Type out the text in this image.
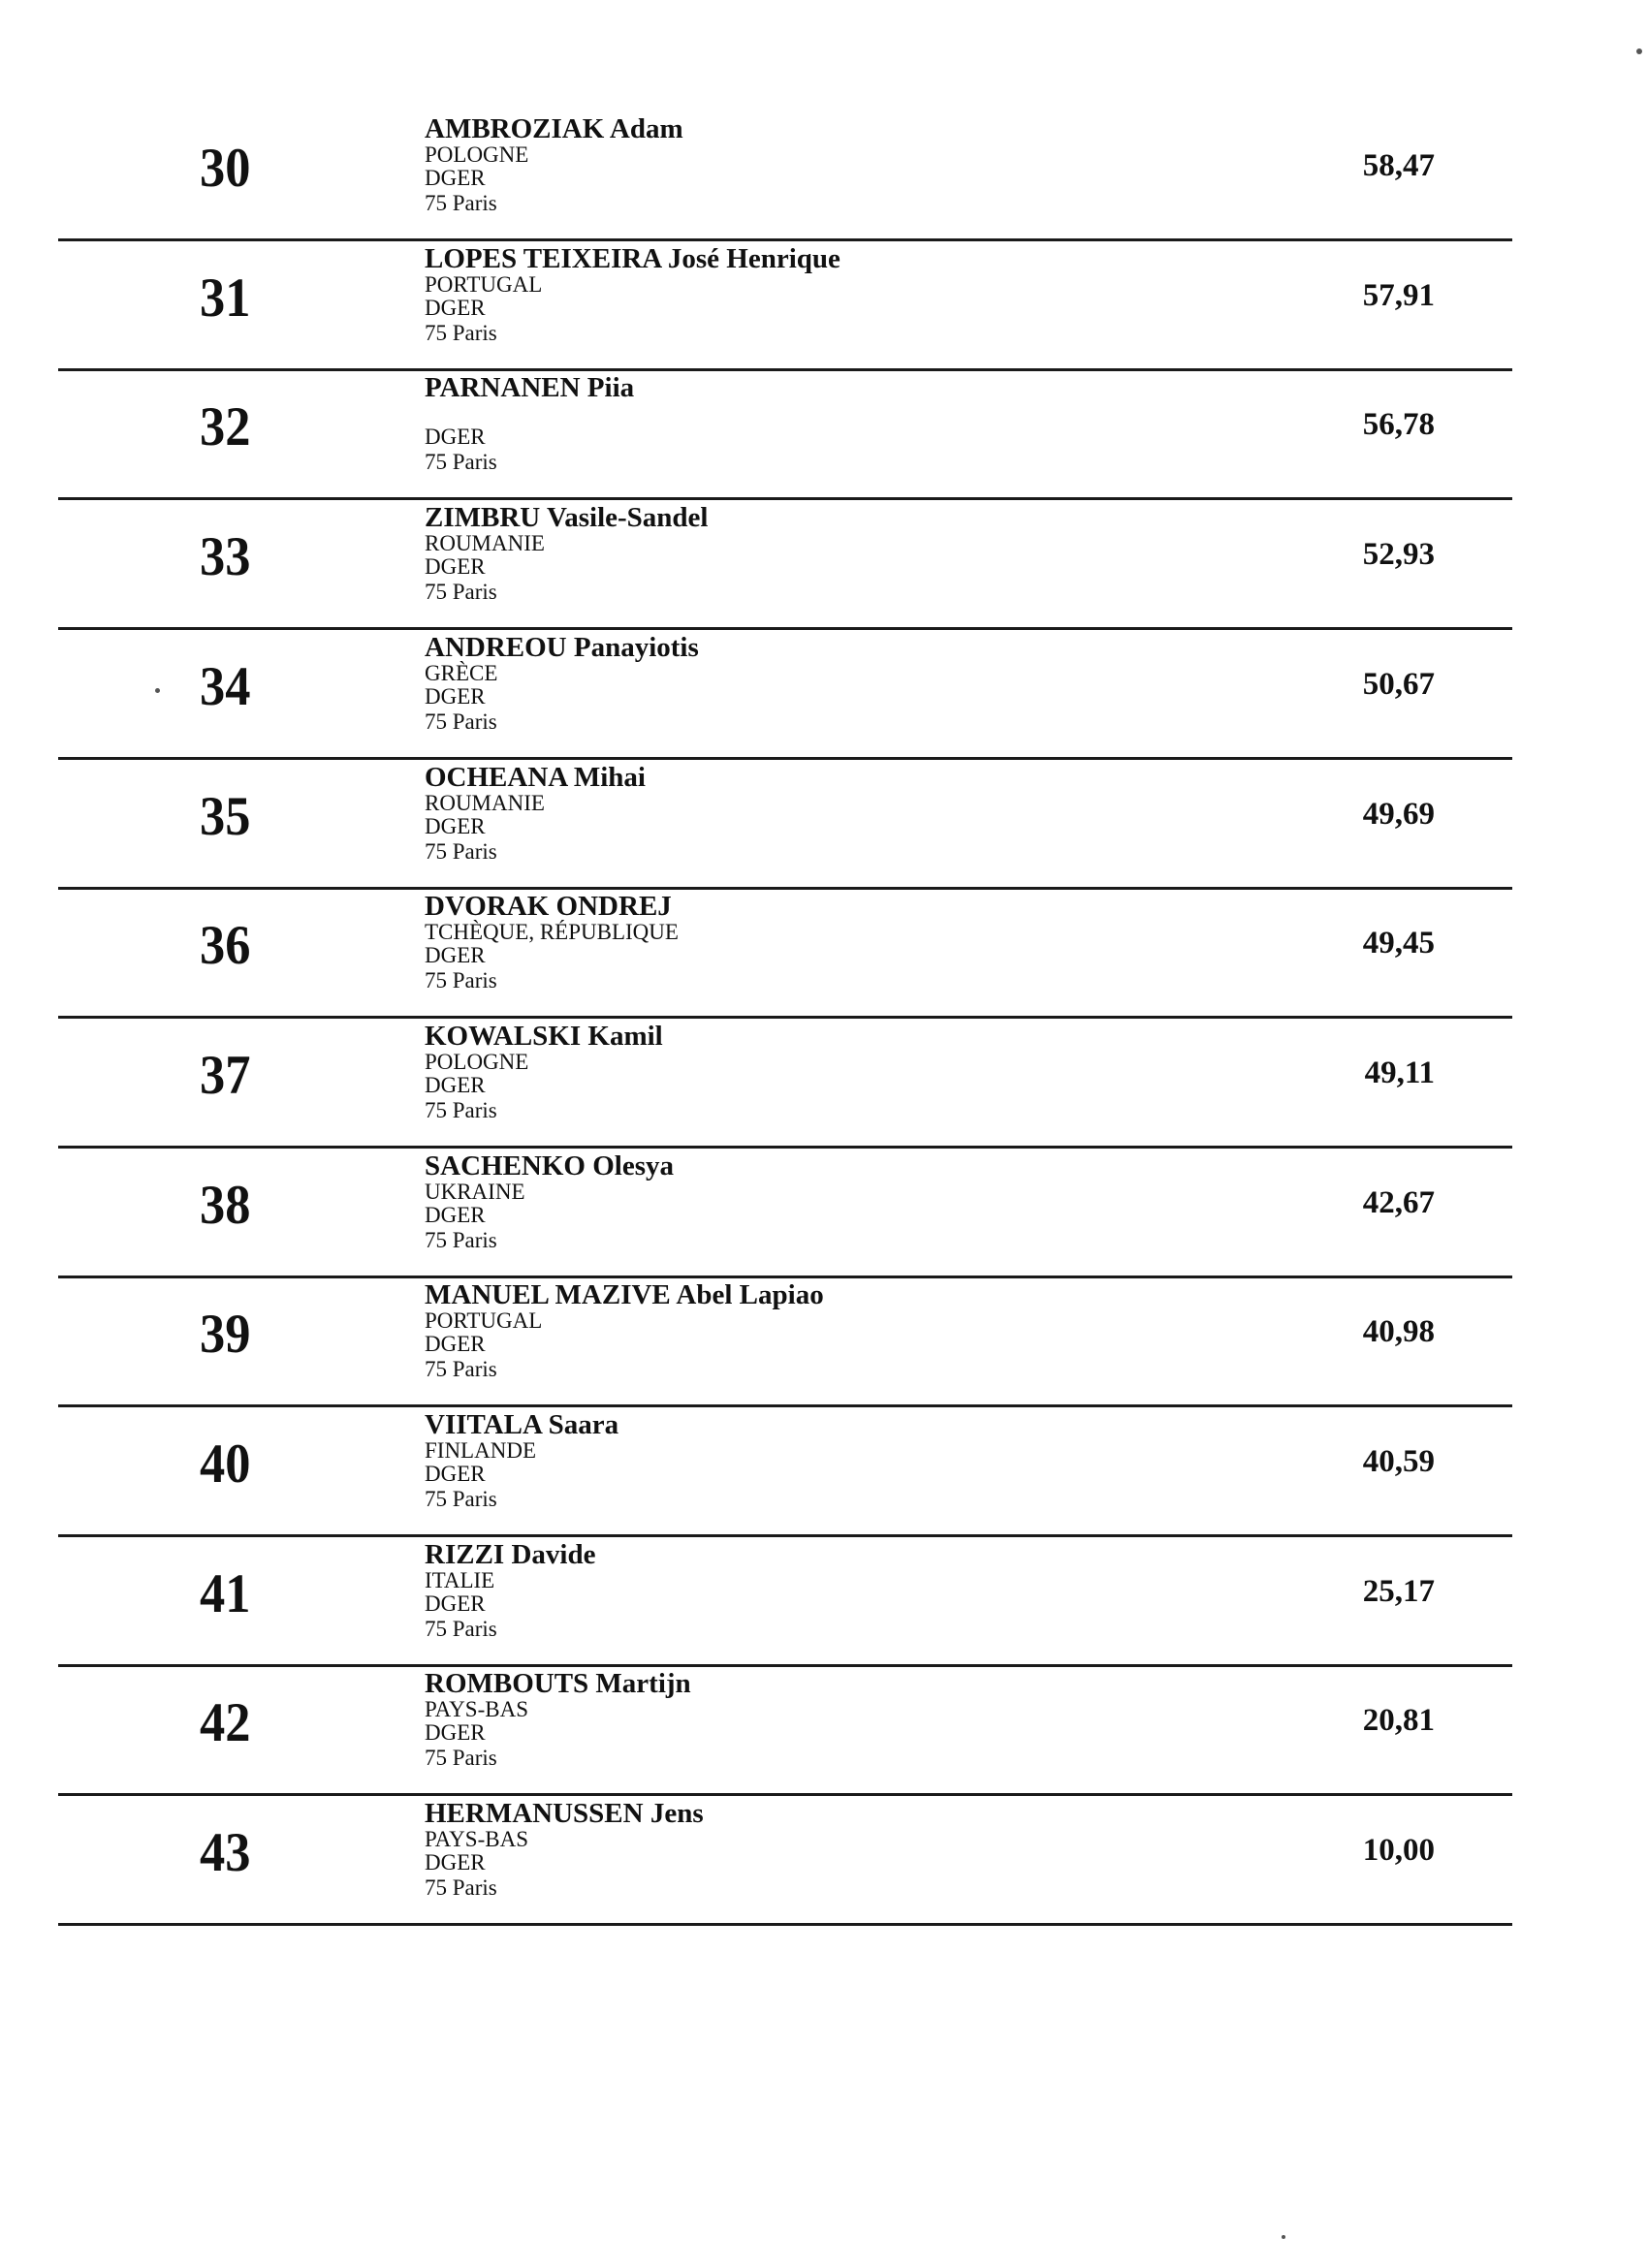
30
AMBROZIAK Adam
POLOGNE
DGER
75 Paris
58,47
31
LOPES TEIXEIRA José Henrique
PORTUGAL
DGER
75 Paris
57,91
32
PARNANEN Piia
DGER
75 Paris
56,78
33
ZIMBRU Vasile-Sandel
ROUMANIE
DGER
75 Paris
52,93
34
ANDREOU Panayiotis
GRÈCE
DGER
75 Paris
50,67
35
OCHEANA Mihai
ROUMANIE
DGER
75 Paris
49,69
36
DVORAK ONDREJ
TCHÈQUE, RÉPUBLIQUE
DGER
75 Paris
49,45
37
KOWALSKI Kamil
POLOGNE
DGER
75 Paris
49,11
38
SACHENKO Olesya
UKRAINE
DGER
75 Paris
42,67
39
MANUEL MAZIVE Abel Lapiao
PORTUGAL
DGER
75 Paris
40,98
40
VIITALA Saara
FINLANDE
DGER
75 Paris
40,59
41
RIZZI Davide
ITALIE
DGER
75 Paris
25,17
42
ROMBOUTS Martijn
PAYS-BAS
DGER
75 Paris
20,81
43
HERMANUSSEN Jens
PAYS-BAS
DGER
75 Paris
10,00
